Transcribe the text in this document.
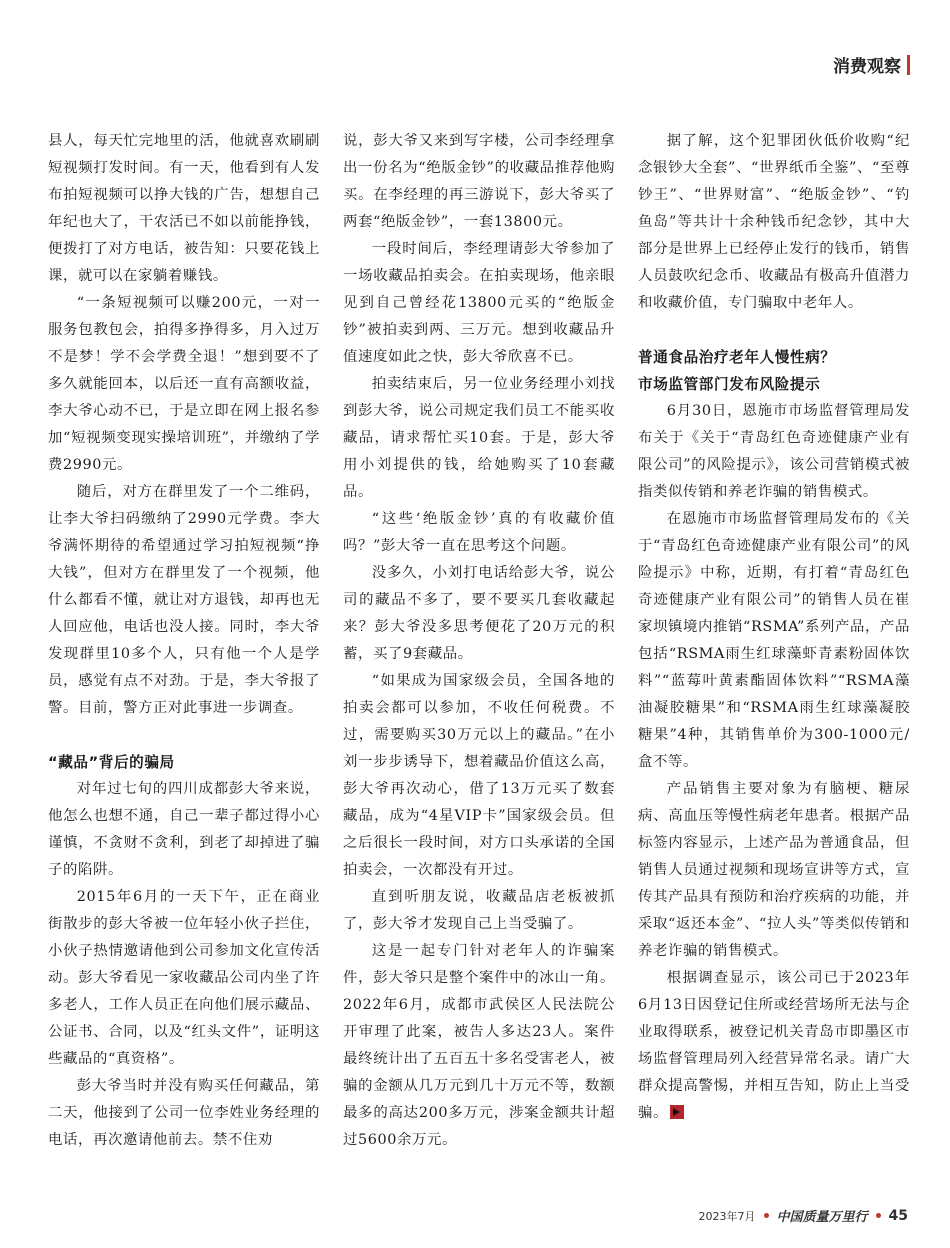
消费观察

县人，每天忙完地里的活，他就喜欢刷刷短视频打发时间。有一天，他看到有人发布拍短视频可以挣大钱的广告，想想自己年纪也大了，干农活已不如以前能挣钱，便拨打了对方电话，被告知：只要花钱上课，就可以在家躺着赚钱。

“一条短视频可以赚200元，一对一服务包教包会，拍得多挣得多，月入过万不是梦！学不会学费全退！”想到要不了多久就能回本，以后还一直有高额收益，李大爷心动不已，于是立即在网上报名参加“短视频变现实操培训班”，并缴纳了学费2990元。

随后，对方在群里发了一个二维码，让李大爷扫码缴纳了2990元学费。李大爷满怀期待的希望通过学习拍短视频“挣大钱”，但对方在群里发了一个视频，他什么都看不懂，就让对方退钱，却再也无人回应他，电话也没人接。同时，李大爷发现群里10多个人，只有他一个人是学员，感觉有点不对劲。于是，李大爷报了警。目前，警方正对此事进一步调查。

“藏品”背后的骗局

对年过七旬的四川成都彭大爷来说，他怎么也想不通，自己一辈子都过得小心谨慎，不贪财不贪利，到老了却掉进了骗子的陷阱。

2015年6月的一天下午，正在商业街散步的彭大爷被一位年轻小伙子拦住，小伙子热情邀请他到公司参加文化宣传活动。彭大爷看见一家收藏品公司内坐了许多老人，工作人员正在向他们展示藏品、公证书、合同，以及“红头文件”，证明这些藏品的“真资格”。

彭大爷当时并没有购买任何藏品，第二天，他接到了公司一位李姓业务经理的电话，再次邀请他前去。禁不住劝

说，彭大爷又来到写字楼，公司李经理拿出一份名为“绝版金钞”的收藏品推荐他购买。在李经理的再三游说下，彭大爷买了两套“绝版金钞”，一套13800元。

一段时间后，李经理请彭大爷参加了一场收藏品拍卖会。在拍卖现场，他亲眼见到自己曾经花13800元买的“绝版金钞”被拍卖到两、三万元。想到收藏品升值速度如此之快，彭大爷欣喜不已。

拍卖结束后，另一位业务经理小刘找到彭大爷，说公司规定我们员工不能买收藏品，请求帮忙买10套。于是，彭大爷用小刘提供的钱，给她购买了10套藏品。

“这些‘绝版金钞’真的有收藏价值吗？”彭大爷一直在思考这个问题。

没多久，小刘打电话给彭大爷，说公司的藏品不多了，要不要买几套收藏起来？彭大爷没多思考便花了20万元的积蓄，买了9套藏品。

“如果成为国家级会员，全国各地的拍卖会都可以参加，不收任何税费。不过，需要购买30万元以上的藏品。”在小刘一步步诱导下，想着藏品价值这么高，彭大爷再次动心，借了13万元买了数套藏品，成为“4星VIP卡”国家级会员。但之后很长一段时间，对方口头承诺的全国拍卖会，一次都没有开过。

直到听朋友说，收藏品店老板被抓了，彭大爷才发现自己上当受骗了。

这是一起专门针对老年人的诈骗案件，彭大爷只是整个案件中的冰山一角。2022年6月，成都市武侯区人民法院公开审理了此案，被告人多达23人。案件最终统计出了五百五十多名受害老人，被骗的金额从几万元到几十万元不等，数额最多的高达200多万元，涉案金额共计超过5600余万元。

据了解，这个犯罪团伙低价收购“纪念银钞大全套”、“世界纸币全鉴”、“至尊钞王”、“世界财富”、“绝版金钞”、“钓鱼岛”等共计十余种钱币纪念钞，其中大部分是世界上已经停止发行的钱币，销售人员鼓吹纪念币、收藏品有极高升值潜力和收藏价值，专门骗取中老年人。

普通食品治疗老年人慢性病？
市场监管部门发布风险提示

6月30日，恩施市市场监督管理局发布关于《关于“青岛红色奇迹健康产业有限公司”的风险提示》，该公司营销模式被指类似传销和养老诈骗的销售模式。

在恩施市市场监督管理局发布的《关于“青岛红色奇迹健康产业有限公司”的风险提示》中称，近期，有打着“青岛红色奇迹健康产业有限公司”的销售人员在崔家坝镇境内推销“RSMA”系列产品，产品包括“RSMA雨生红球藻虾青素粉固体饮料”“蓝莓叶黄素酯固体饮料”“RSMA藻油凝胶糖果”和“RSMA雨生红球藻凝胶糖果”4种，其销售单价为300-1000元/盒不等。

产品销售主要对象为有脑梗、糖尿病、高血压等慢性病老年患者。根据产品标签内容显示，上述产品为普通食品，但销售人员通过视频和现场宣讲等方式，宣传其产品具有预防和治疗疾病的功能，并采取“返还本金”、“拉人头”等类似传销和养老诈骗的销售模式。

根据调查显示，该公司已于2023年6月13日因登记住所或经营场所无法与企业取得联系，被登记机关青岛市即墨区市场监督管理局列入经营异常名录。请广大群众提高警惕，并相互告知，防止上当受骗。

2023年7月 中国质量万里行 45
